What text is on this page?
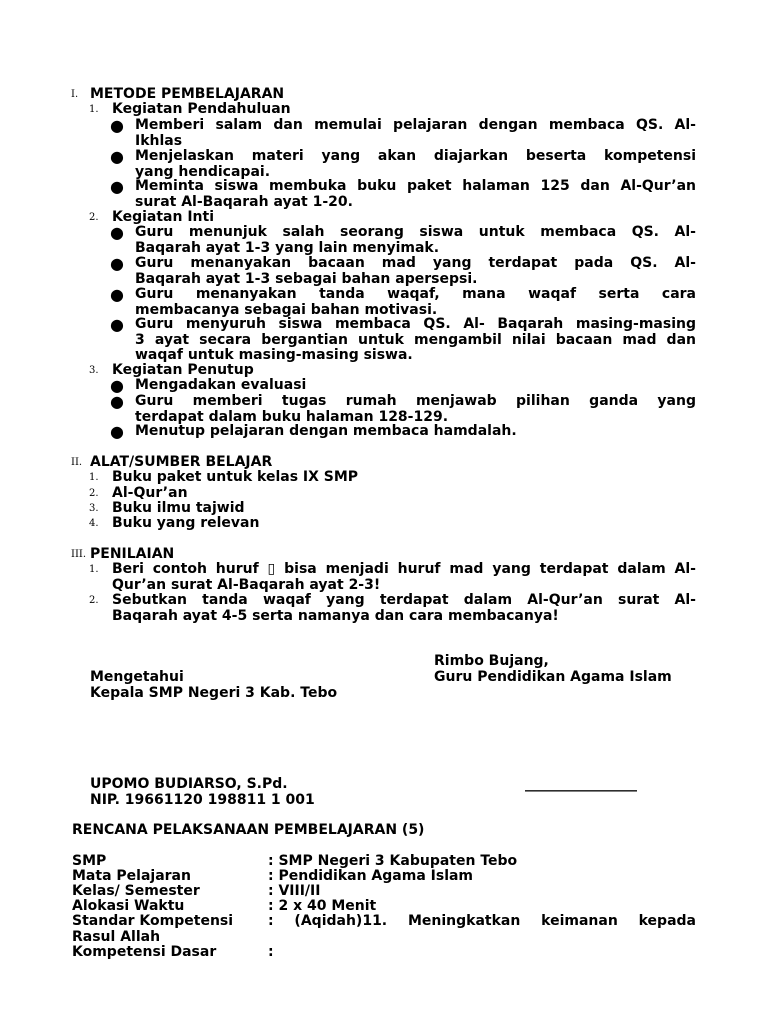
I. METODE PEMBELAJARAN
1. Kegiatan Pendahuluan
● Memberi salam dan memulai pelajaran dengan membaca QS. Al-
Ikhlas
● Menjelaskan materi yang akan diajarkan beserta kompetensi
yang hendicapai.
● Meminta siswa membuka buku paket halaman 125 dan Al-Qur’an
surat Al-Baqarah ayat 1-20.
2. Kegiatan Inti
● Guru menunjuk salah seorang siswa untuk membaca QS. Al-
Baqarah ayat 1-3 yang lain menyimak.
● Guru menanyakan bacaan mad yang terdapat pada QS. Al-
Baqarah ayat 1-3 sebagai bahan apersepsi.
● Guru menanyakan tanda waqaf, mana waqaf serta cara
membacanya sebagai bahan motivasi.
● Guru menyuruh siswa membaca QS. Al- Baqarah masing-masing
3 ayat secara bergantian untuk mengambil nilai bacaan mad dan
waqaf untuk masing-masing siswa.
3. Kegiatan Penutup
● Mengadakan evaluasi
● Guru memberi tugas rumah menjawab pilihan ganda yang
terdapat dalam buku halaman 128-129.
● Menutup pelajaran dengan membaca hamdalah.
II. ALAT/SUMBER BELAJAR
1. Buku paket untuk kelas IX SMP
2. Al-Qur’an
3. Buku ilmu tajwid
4. Buku yang relevan
III. PENILAIAN
1. Beri contoh huruf ▯ bisa menjadi huruf mad yang terdapat dalam Al-
Qur’an surat Al-Baqarah ayat 2-3!
2. Sebutkan tanda waqaf yang terdapat dalam Al-Qur’an surat Al-
Baqarah ayat 4-5 serta namanya dan cara membacanya!
Rimbo Bujang,
Mengetahui	Guru Pendidikan Agama Islam
Kepala SMP Negeri 3 Kab. Tebo
UPOMO BUDIARSO, S.Pd.	________________
NIP. 19661120 198811 1 001
RENCANA PELAKSANAAN PEMBELAJARAN (5)
SMP	: SMP Negeri 3 Kabupaten Tebo
Mata Pelajaran	: Pendidikan Agama Islam
Kelas/ Semester	: VIII/II
Alokasi Waktu	: 2 x 40 Menit
Standar Kompetensi : (Aqidah)11. Meningkatkan keimanan kepada
Rasul Allah
Kompetensi Dasar	:
